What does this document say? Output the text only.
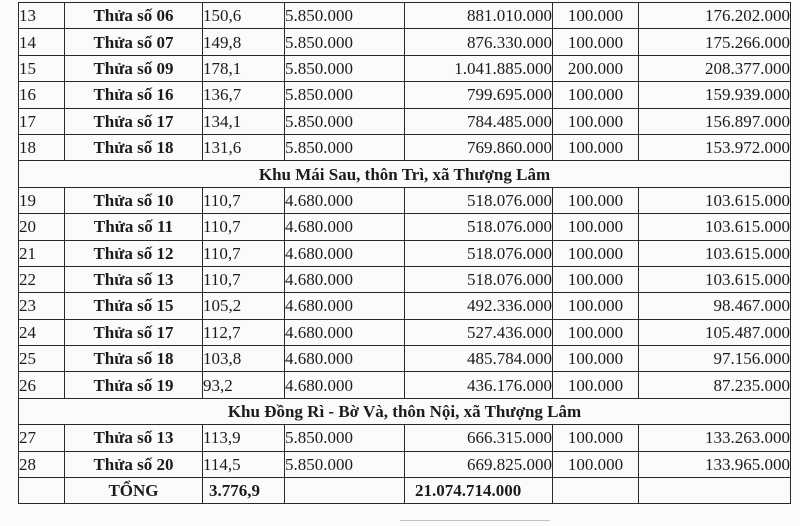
13	Thửa số 06	150,6	5.850.000	881.010.000	100.000	176.202.000
14	Thửa số 07	149,8	5.850.000	876.330.000	100.000	175.266.000
15	Thửa số 09	178,1	5.850.000	1.041.885.000	200.000	208.377.000
16	Thửa số 16	136,7	5.850.000	799.695.000	100.000	159.939.000
17	Thửa số 17	134,1	5.850.000	784.485.000	100.000	156.897.000
18	Thửa số 18	131,6	5.850.000	769.860.000	100.000	153.972.000
Khu Mái Sau, thôn Trì, xã Thượng Lâm						
19	Thửa số 10	110,7	4.680.000	518.076.000	100.000	103.615.000
20	Thửa số 11	110,7	4.680.000	518.076.000	100.000	103.615.000
21	Thửa số 12	110,7	4.680.000	518.076.000	100.000	103.615.000
22	Thửa số 13	110,7	4.680.000	518.076.000	100.000	103.615.000
23	Thửa số 15	105,2	4.680.000	492.336.000	100.000	98.467.000
24	Thửa số 17	112,7	4.680.000	527.436.000	100.000	105.487.000
25	Thửa số 18	103,8	4.680.000	485.784.000	100.000	97.156.000
26	Thửa số 19	93,2	4.680.000	436.176.000	100.000	87.235.000
Khu Đồng Rì - Bờ Và, thôn Nội, xã Thượng Lâm						
27	Thửa số 13	113,9	5.850.000	666.315.000	100.000	133.263.000
28	Thửa số 20	114,5	5.850.000	669.825.000	100.000	133.965.000
	TỔNG	3.776,9		21.074.714.000		
